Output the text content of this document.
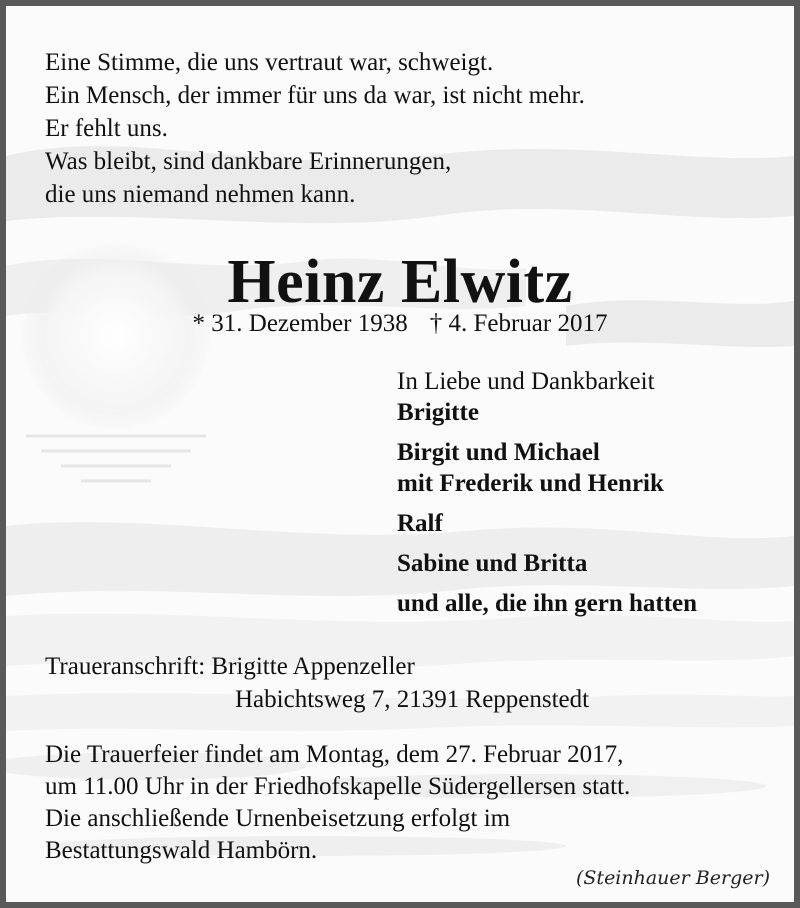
Eine Stimme, die uns vertraut war, schweigt.
Ein Mensch, der immer für uns da war, ist nicht mehr.
Er fehlt uns.
Was bleibt, sind dankbare Erinnerungen,
die uns niemand nehmen kann.
Heinz Elwitz
* 31. Dezember 1938 † 4. Februar 2017
In Liebe und Dankbarkeit
Brigitte
Birgit und Michael
mit Frederik und Henrik
Ralf
Sabine und Britta
und alle, die ihn gern hatten
Traueranschrift: Brigitte Appenzeller
Habichtsweg 7, 21391 Reppenstedt
Die Trauerfeier findet am Montag, dem 27. Februar 2017,
um 11.00 Uhr in der Friedhofskapelle Südergellersen statt.
Die anschließende Urnenbeisetzung erfolgt im
Bestattungswald Hambörn.
(Steinhauer Berger)
